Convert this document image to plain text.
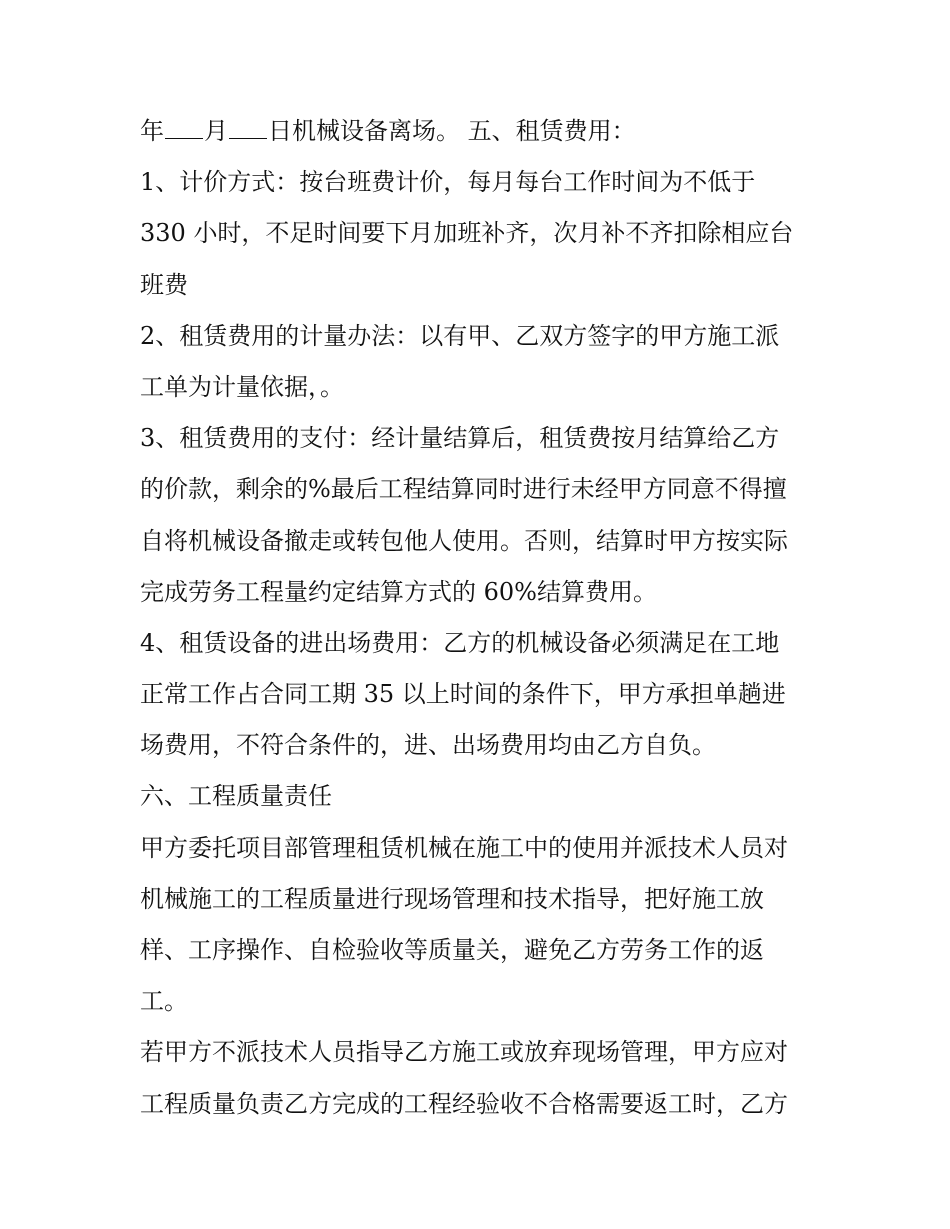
年 月 日机械设备离场。 五、租赁费用：
1、计价方式：按台班费计价，每月每台工作时间为不低于
330 小时，不足时间要下月加班补齐，次月补不齐扣除相应台
班费
2、租赁费用的计量办法：以有甲、乙双方签字的甲方施工派
工单为计量依据，。
3、租赁费用的支付：经计量结算后，租赁费按月结算给乙方
的价款，剩余的%最后工程结算同时进行未经甲方同意不得擅
自将机械设备撤走或转包他人使用。否则，结算时甲方按实际
完成劳务工程量约定结算方式的 60%结算费用。
4、租赁设备的进出场费用：乙方的机械设备必须满足在工地
正常工作占合同工期 35 以上时间的条件下，甲方承担单趟进
场费用，不符合条件的，进、出场费用均由乙方自负。
六、工程质量责任
甲方委托项目部管理租赁机械在施工中的使用并派技术人员对
机械施工的工程质量进行现场管理和技术指导，把好施工放
样、工序操作、自检验收等质量关，避免乙方劳务工作的返
工。
若甲方不派技术人员指导乙方施工或放弃现场管理，甲方应对
工程质量负责乙方完成的工程经验收不合格需要返工时，乙方
